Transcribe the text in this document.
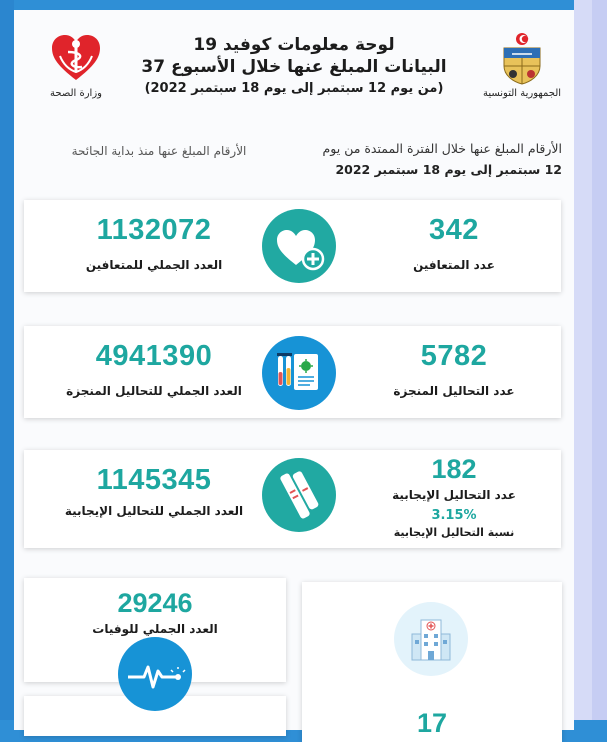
وزارة الصحة
لوحة معلومات كوفيد 19
البيانات المبلغ عنها خلال الأسبوع 37
(من يوم 12 سبتمبر إلى يوم 18 سبتمبر 2022)	الجمهورية التونسية
الأرقام المبلغ عنها منذ بداية الجائحة	الأرقام المبلغ عنها خلال الفترة الممتدة من يوم
12 سبتمبر إلى يوم 18 سبتمبر 2022
1132072
العدد الجملي للمتعافين
342
عدد المتعافين
4941390
العدد الجملي للتحاليل المنجزة
5782
عدد التحاليل المنجزة
1145345
العدد الجملي للتحاليل الإيجابية
182
عدد التحاليل الإيجابية
3.15%
نسبة التحاليل الإيجابية
29246
العدد الجملي للوفيات
17
